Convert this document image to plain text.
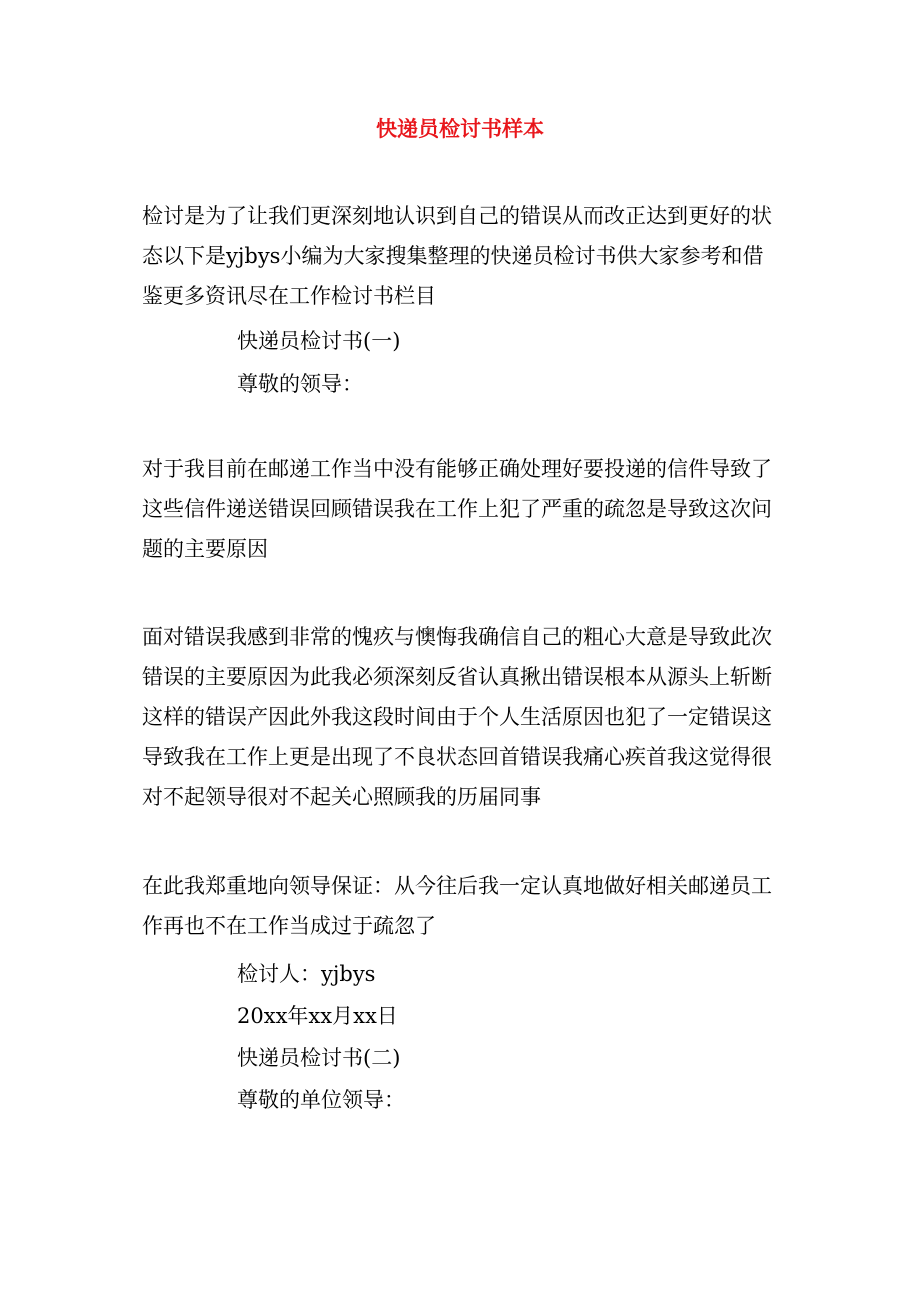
快递员检讨书样本

检讨是为了让我们更深刻地认识到自己的错误从而改正达到更好的状态以下是yjbys小编为大家搜集整理的快递员检讨书供大家参考和借鉴更多资讯尽在工作检讨书栏目

快递员检讨书(一)

尊敬的领导：

对于我目前在邮递工作当中没有能够正确处理好要投递的信件导致了这些信件递送错误回顾错误我在工作上犯了严重的疏忽是导致这次问题的主要原因

面对错误我感到非常的愧疚与懊悔我确信自己的粗心大意是导致此次错误的主要原因为此我必须深刻反省认真揪出错误根本从源头上斩断这样的错误产因此外我这段时间由于个人生活原因也犯了一定错误这导致我在工作上更是出现了不良状态回首错误我痛心疾首我这觉得很对不起领导很对不起关心照顾我的历届同事

在此我郑重地向领导保证：从今往后我一定认真地做好相关邮递员工作再也不在工作当成过于疏忽了

检讨人：yjbys

20xx年xx月xx日

快递员检讨书(二)

尊敬的单位领导：
